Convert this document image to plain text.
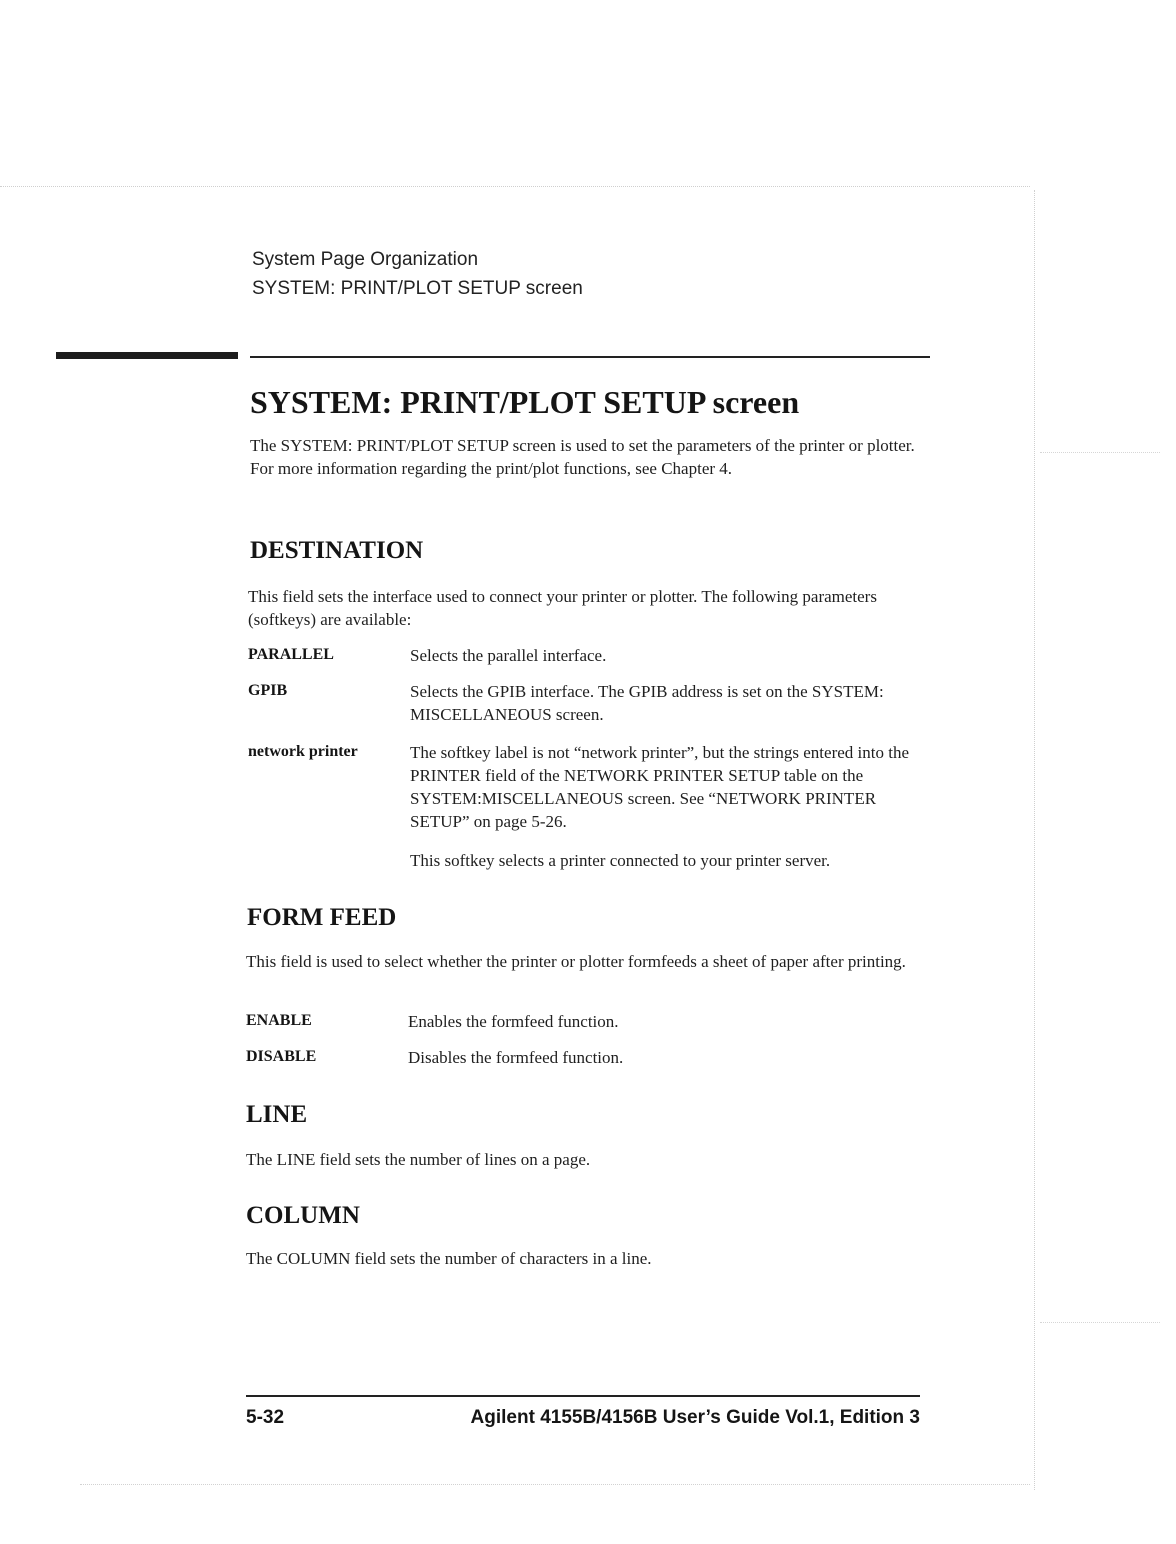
System Page Organization
SYSTEM: PRINT/PLOT SETUP screen
SYSTEM: PRINT/PLOT SETUP screen

The SYSTEM: PRINT/PLOT SETUP screen is used to set the parameters of the printer or plotter. For more information regarding the print/plot functions, see Chapter 4.

DESTINATION

This field sets the interface used to connect your printer or plotter. The following parameters (softkeys) are available:

PARALLEL	Selects the parallel interface.
GPIB	Selects the GPIB interface. The GPIB address is set on the SYSTEM: MISCELLANEOUS screen.
network printer	The softkey label is not “network printer”, but the strings entered into the PRINTER field of the NETWORK PRINTER SETUP table on the SYSTEM:MISCELLANEOUS screen. See “NETWORK PRINTER SETUP” on page 5-26.
This softkey selects a printer connected to your printer server.
FORM FEED

This field is used to select whether the printer or plotter formfeeds a sheet of paper after printing.

ENABLE	Enables the formfeed function.
DISABLE	Disables the formfeed function.
LINE

The LINE field sets the number of lines on a page.

COLUMN

The COLUMN field sets the number of characters in a line.

5-32	Agilent 4155B/4156B User’s Guide Vol.1, Edition 3
